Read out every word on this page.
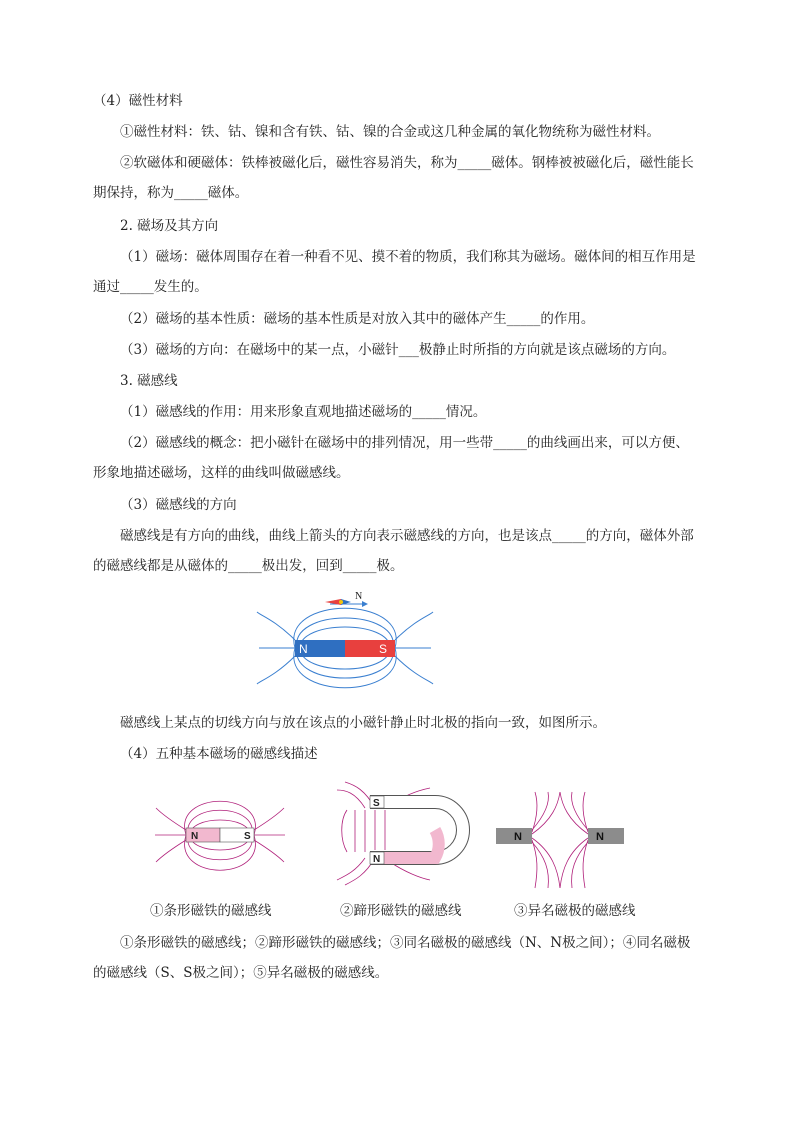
（4）磁性材料

①磁性材料：铁、钴、镍和含有铁、钴、镍的合金或这几种金属的氧化物统称为磁性材料。

②软磁体和硬磁体：铁棒被磁化后，磁性容易消失，称为_____磁体。钢棒被被磁化后，磁性能长期保持，称为_____磁体。

2. 磁场及其方向

（1）磁场：磁体周围存在着一种看不见、摸不着的物质，我们称其为磁场。磁体间的相互作用是通过_____发生的。

（2）磁场的基本性质：磁场的基本性质是对放入其中的磁体产生_____的作用。

（3）磁场的方向：在磁场中的某一点，小磁针___极静止时所指的方向就是该点磁场的方向。

3. 磁感线

（1）磁感线的作用：用来形象直观地描述磁场的_____情况。

（2）磁感线的概念：把小磁针在磁场中的排列情况，用一些带_____的曲线画出来，可以方便、形象地描述磁场，这样的曲线叫做磁感线。

（3）磁感线的方向

磁感线是有方向的曲线，曲线上箭头的方向表示磁感线的方向，也是该点_____的方向，磁体外部的磁感线都是从磁体的_____极出发，回到_____极。

N	S
N

磁感线上某点的切线方向与放在该点的小磁针静止时北极的指向一致，如图所示。

（4）五种基本磁场的磁感线描述

N	S
S
N
N	N
①条形磁铁的磁感线	②蹄形磁铁的磁感线	③异名磁极的磁感线

①条形磁铁的磁感线；②蹄形磁铁的磁感线；③同名磁极的磁感线（N、N极之间）；④同名磁极的磁感线（S、S极之间）；⑤异名磁极的磁感线。
